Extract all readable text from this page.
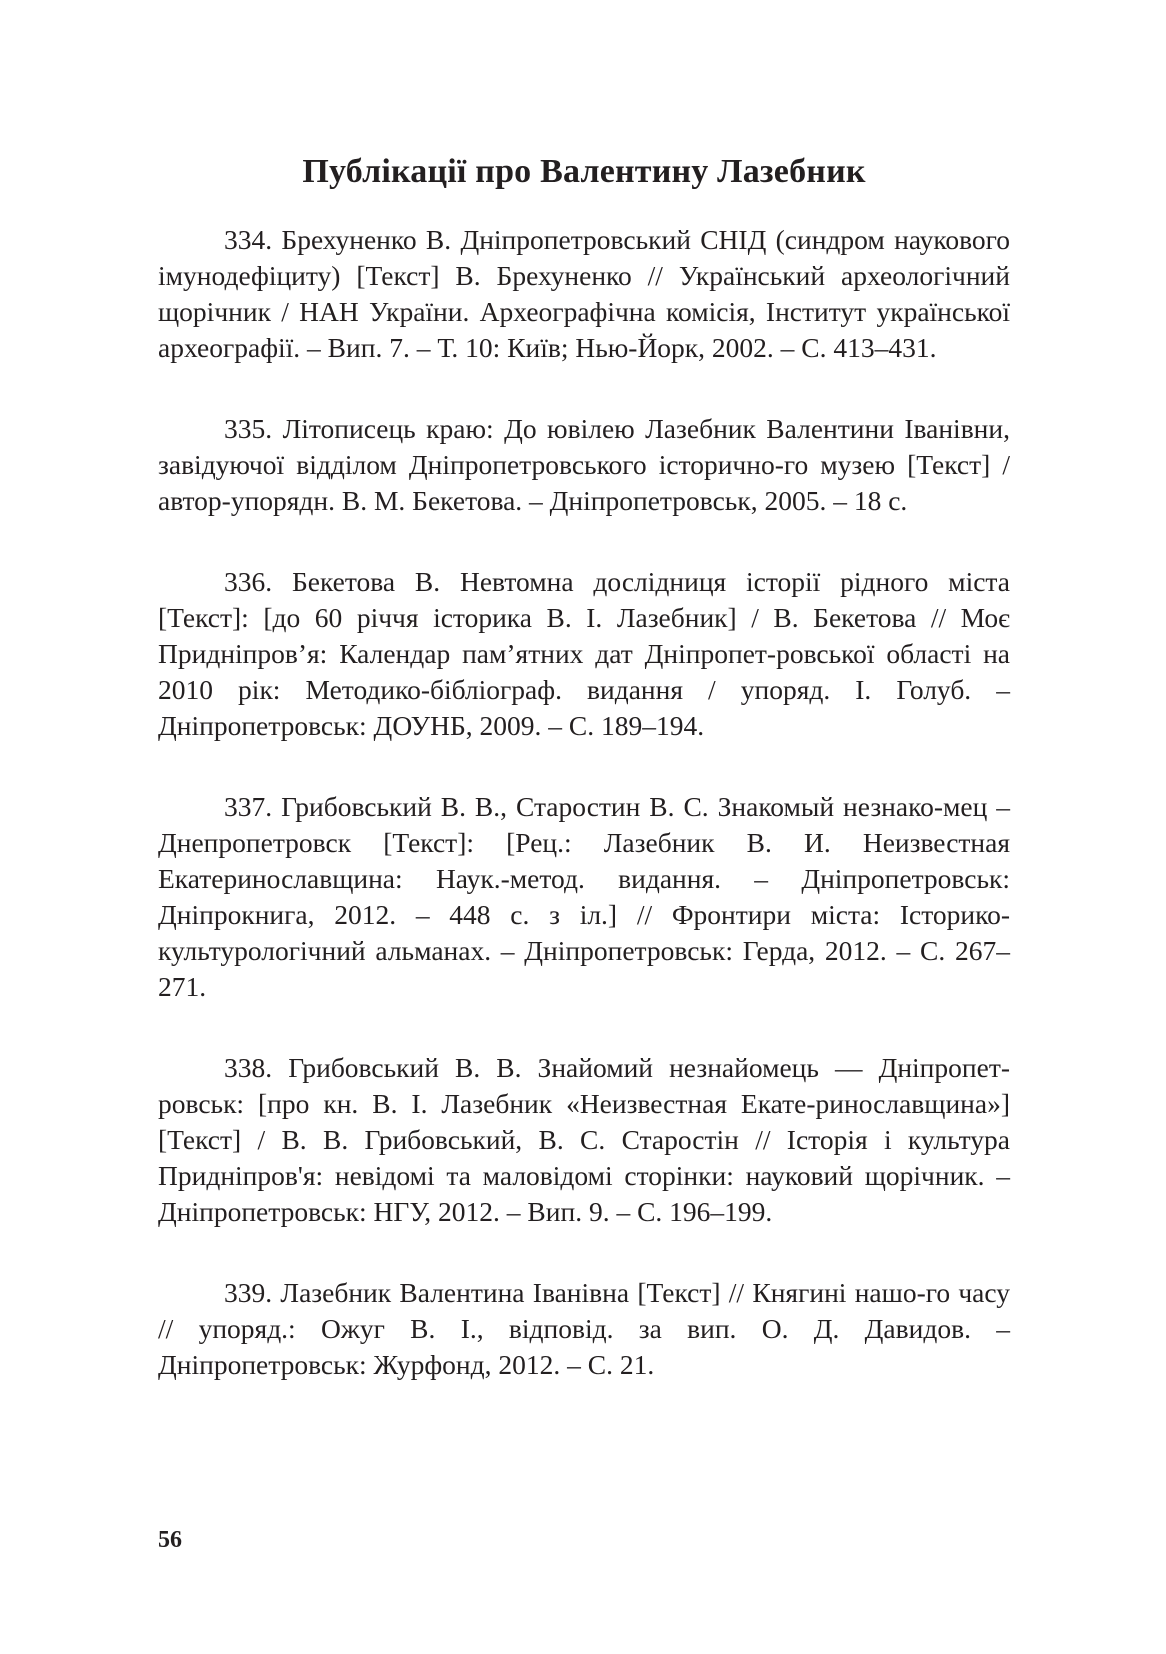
Публікації про Валентину Лазебник

334. Брехуненко В. Дніпропетровський СНІД (синдром наукового імунодефіциту) [Текст] В. Брехуненко // Український археологічний щорічник / НАН України. Археографічна комісія, Інститут української археографії. – Вип. 7. – Т. 10: Київ; Нью-Йорк, 2002. – С. 413–431.

335. Літописець краю: До ювілею Лазебник Валентини Іванівни, завідуючої відділом Дніпропетровського історично-го музею [Текст] / автор-упорядн. В. М. Бекетова. – Дніпропетровськ, 2005. – 18 с.

336. Бекетова В. Невтомна дослідниця історії рідного міста [Текст]: [до 60 річчя історика В. І. Лазебник] / В. Бекетова // Моє Придніпров’я: Календар пам’ятних дат Дніпропет-ровської області на 2010 рік: Методико-бібліограф. видання / упоряд. І. Голуб. – Дніпропетровськ: ДОУНБ, 2009. – С. 189–194.

337. Грибовський В. В., Старостин В. С. Знакомый незнако-мец – Днепропетровск [Текст]: [Рец.: Лазебник В. И. Неизвестная Екатеринославщина: Наук.-метод. видання. – Дніпропетровськ: Дніпрокнига, 2012. – 448 с. з іл.] // Фронтири міста: Історико-культурологічний альманах. – Дніпропетровськ: Герда, 2012. – С. 267–271.

338. Грибовський В. В. Знайомий незнайомець — Дніпропет-ровськ: [про кн. В. І. Лазебник «Неизвестная Екате-ринославщина»] [Текст] / В. В. Грибовський, В. С. Старостін // Історія і культура Придніпров'я: невідомі та маловідомі сторінки: науковий щорічник. – Дніпропетровськ: НГУ, 2012. – Вип. 9. – С. 196–199.

339. Лазебник Валентина Іванівна [Текст] // Княгині нашо-го часу // упоряд.: Ожуг В. І., відповід. за вип. О. Д. Давидов. – Дніпропетровськ: Журфонд, 2012. – С. 21.

56
